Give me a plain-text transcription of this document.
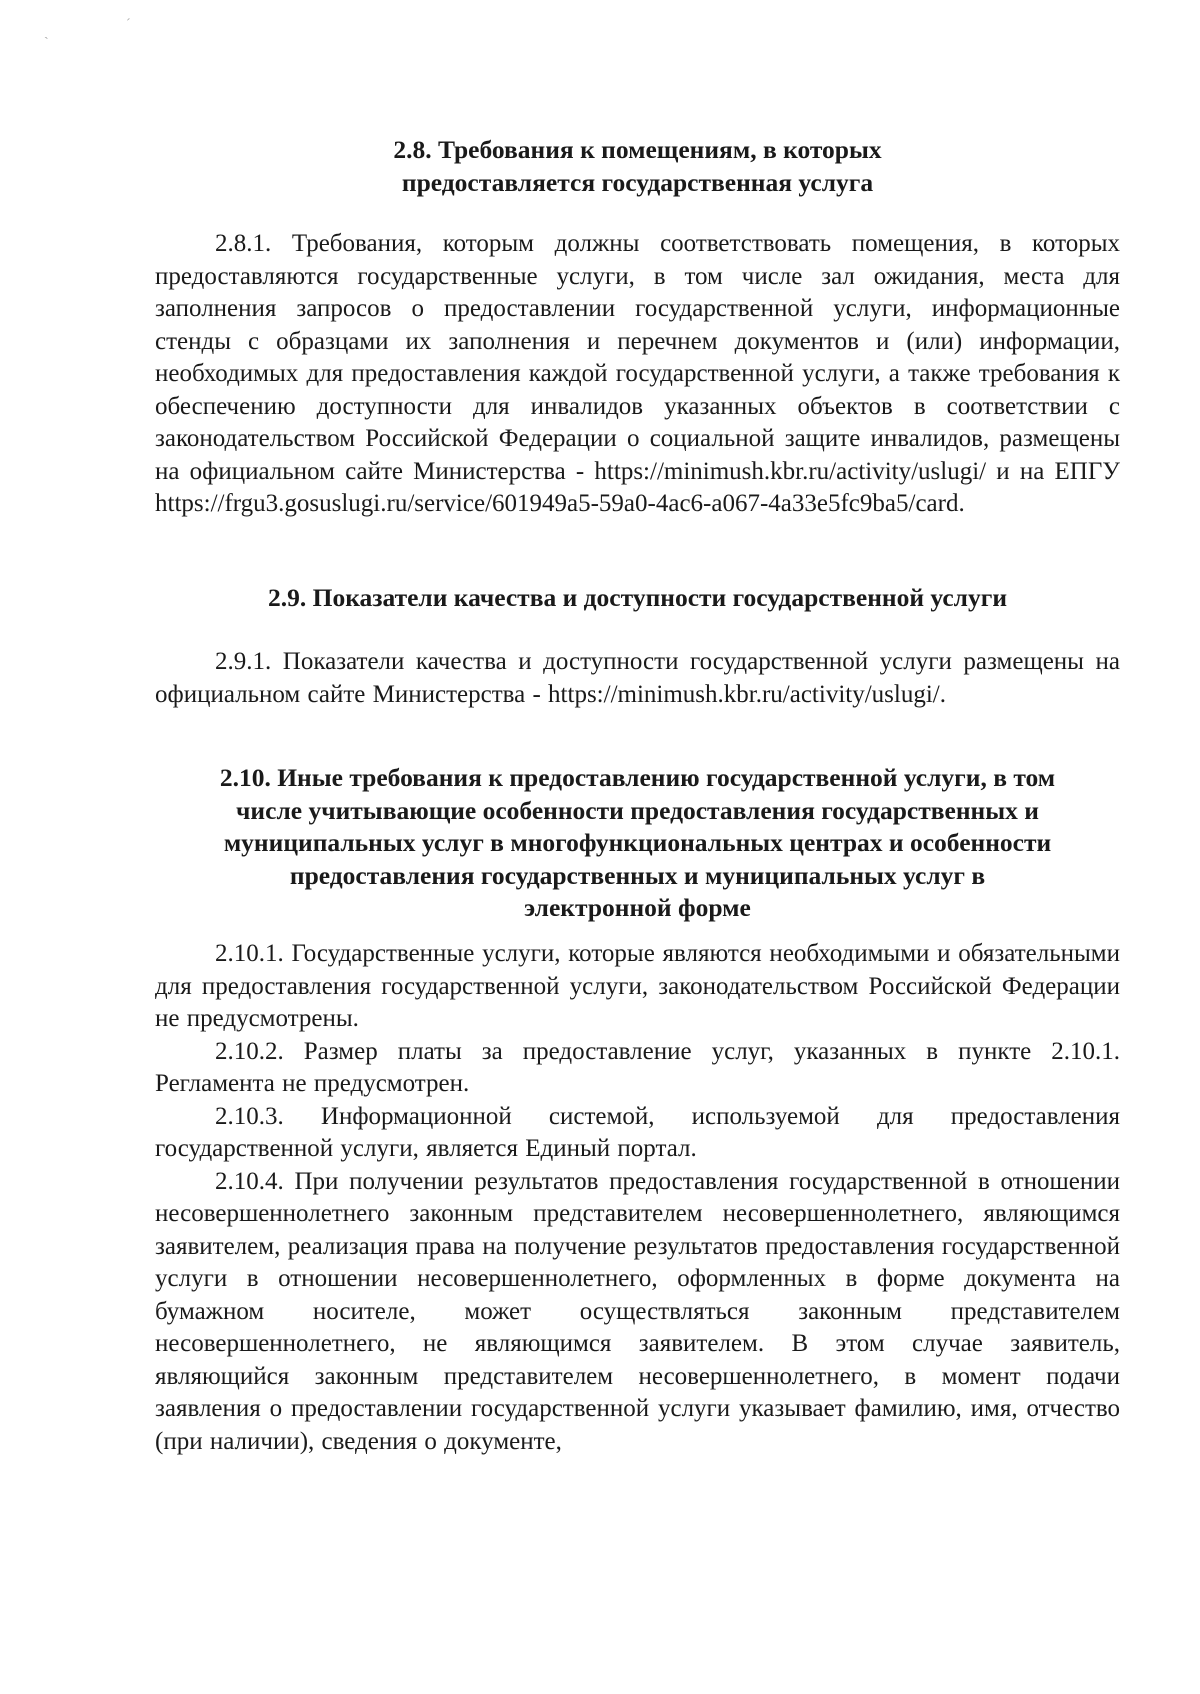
ˎ
ˊ
2.8. Требования к помещениям, в которых
предоставляется государственная услуга

2.8.1. Требования, которым должны соответствовать помещения, в которых предоставляются государственные услуги, в том числе зал ожидания, места для заполнения запросов о предоставлении государственной услуги, информационные стенды с образцами их заполнения и перечнем документов и (или) информации, необходимых для предоставления каждой государственной услуги, а также требования к обеспечению доступности для инвалидов указанных объектов в соответствии с законодательством Российской Федерации о социальной защите инвалидов, размещены на официальном сайте Министерства - https://minimush.kbr.ru/activity/uslugi/ и на ЕПГУ https://frgu3.gosuslugi.ru/service/601949a5-59a0-4ac6-a067-4a33e5fc9ba5/card.

2.9. Показатели качества и доступности государственной услуги

2.9.1. Показатели качества и доступности государственной услуги размещены на официальном сайте Министерства - https://minimush.kbr.ru/activity/uslugi/.

2.10. Иные требования к предоставлению государственной услуги, в том
числе учитывающие особенности предоставления государственных и
муниципальных услуг в многофункциональных центрах и особенности
предоставления государственных и муниципальных услуг в
электронной форме

2.10.1. Государственные услуги, которые являются необходимыми и обязательными для предоставления государственной услуги, законодательством Российской Федерации не предусмотрены.

2.10.2. Размер платы за предоставление услуг, указанных в пункте 2.10.1. Регламента не предусмотрен.

2.10.3. Информационной системой, используемой для предоставления государственной услуги, является Единый портал.

2.10.4. При получении результатов предоставления государственной в отношении несовершеннолетнего законным представителем несовершеннолетнего, являющимся заявителем, реализация права на получение результатов предоставления государственной услуги в отношении несовершеннолетнего, оформленных в форме документа на бумажном носителе, может осуществляться законным представителем несовершеннолетнего, не являющимся заявителем. В этом случае заявитель, являющийся законным представителем несовершеннолетнего, в момент подачи заявления о предоставлении государственной услуги указывает фамилию, имя, отчество (при наличии), сведения о документе,
